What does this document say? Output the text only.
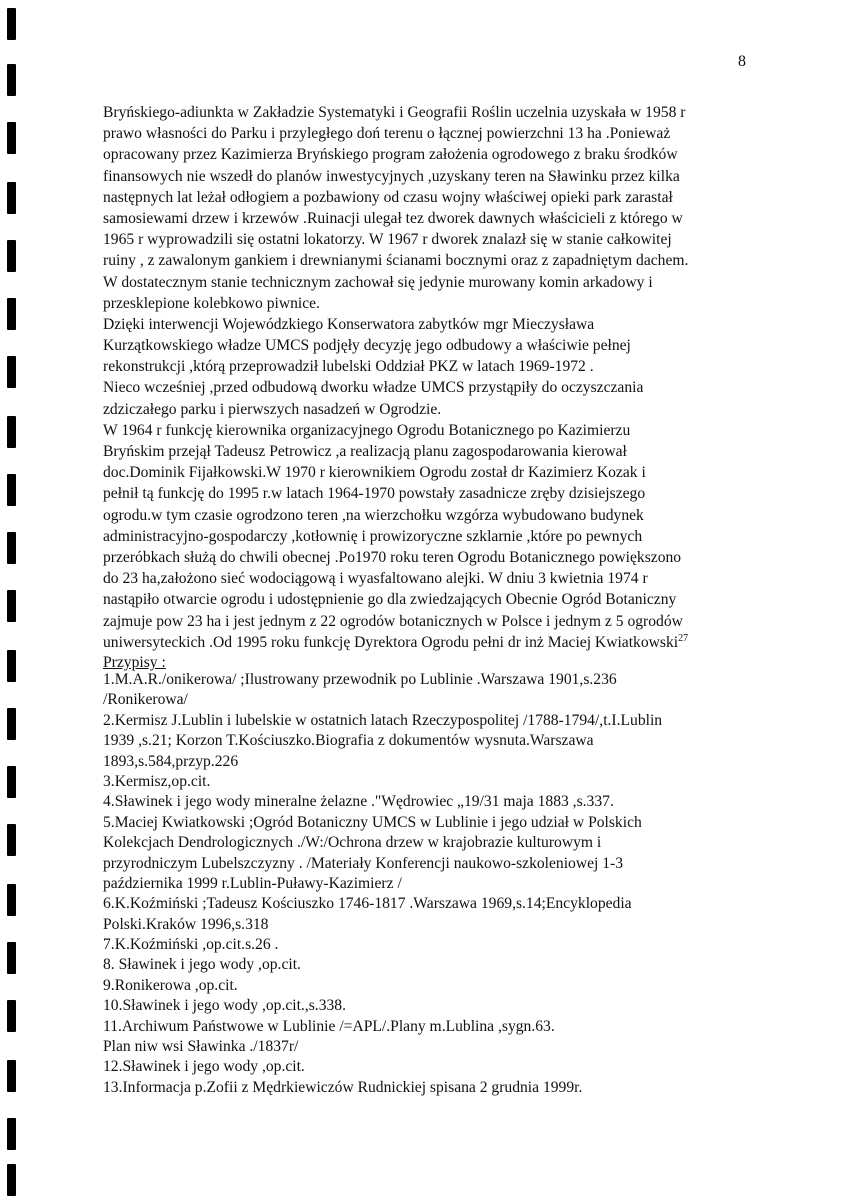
8
Bryńskiego-adiunkta w Zakładzie Systematyki i Geografii Roślin uczelnia uzyskała w 1958 r
prawo własności do Parku i przyległego doń terenu o łącznej powierzchni 13 ha .Ponieważ
opracowany przez Kazimierza Bryńskiego program założenia ogrodowego z braku środków
finansowych nie wszedł do planów inwestycyjnych ,uzyskany teren na Sławinku przez kilka
następnych lat leżał odłogiem a pozbawiony od czasu wojny właściwej opieki park zarastał
samosiewami drzew i krzewów .Ruinacji ulegał tez dworek dawnych właścicieli z którego w
1965 r wyprowadzili się ostatni lokatorzy. W 1967 r dworek znalazł się w stanie całkowitej
ruiny , z zawalonym gankiem i drewnianymi ścianami bocznymi oraz z zapadniętym dachem.
W dostatecznym stanie technicznym zachował się jedynie murowany komin arkadowy i
przesklepione kolebkowo piwnice.
Dzięki interwencji Wojewódzkiego Konserwatora zabytków mgr Mieczysława
Kurzątkowskiego władze UMCS podjęły decyzję jego odbudowy a właściwie pełnej
rekonstrukcji ,którą przeprowadził lubelski Oddział PKZ w latach 1969-1972 .
Nieco wcześniej ,przed odbudową dworku władze UMCS przystąpiły do oczyszczania
zdziczałego parku i pierwszych nasadzeń w Ogrodzie.
W 1964 r funkcję kierownika organizacyjnego Ogrodu Botanicznego po Kazimierzu
Bryńskim przejął Tadeusz Petrowicz ,a realizacją planu zagospodarowania kierował
doc.Dominik Fijałkowski.W 1970 r kierownikiem Ogrodu został dr Kazimierz Kozak i
pełnił tą funkcję do 1995 r.w latach 1964-1970 powstały zasadnicze zręby dzisiejszego
ogrodu.w tym czasie ogrodzono teren ,na wierzchołku wzgórza wybudowano budynek
administracyjno-gospodarczy ,kotłownię i prowizoryczne szklarnie ,które po pewnych
przeróbkach służą do chwili obecnej .Po1970 roku teren Ogrodu Botanicznego powiększono
do 23 ha,założono sieć wodociągową i wyasfaltowano alejki. W dniu 3 kwietnia 1974 r
nastąpiło otwarcie ogrodu i udostępnienie go dla zwiedzających Obecnie Ogród Botaniczny
zajmuje pow 23 ha i jest jednym z 22 ogrodów botanicznych w Polsce i jednym z 5 ogrodów
uniwersyteckich .Od 1995 roku funkcję Dyrektora Ogrodu pełni dr inż Maciej Kwiatkowski$^{27}$
Przypisy :
1.M.A.R./onikerowa/ ;Ilustrowany przewodnik po Lublinie .Warszawa 1901,s.236
/Ronikerowa/
2.Kermisz J.Lublin i lubelskie w ostatnich latach Rzeczypospolitej /1788-1794/,t.I.Lublin
1939 ,s.21; Korzon T.Kościuszko.Biografia z dokumentów wysnuta.Warszawa
1893,s.584,przyp.226
3.Kermisz,op.cit.
4.Sławinek i jego wody mineralne żelazne ."Wędrowiec „19/31 maja 1883 ,s.337.
5.Maciej Kwiatkowski ;Ogród Botaniczny UMCS w Lublinie i jego udział w Polskich
Kolekcjach Dendrologicznych ./W:/Ochrona drzew w krajobrazie kulturowym i
przyrodniczym Lubelszczyzny . /Materiały Konferencji naukowo-szkoleniowej 1-3
października 1999 r.Lublin-Puławy-Kazimierz /
6.K.Koźmiński ;Tadeusz Kościuszko 1746-1817 .Warszawa 1969,s.14;Encyklopedia
Polski.Kraków 1996,s.318
7.K.Koźmiński ,op.cit.s.26 .
8. Sławinek i jego wody ,op.cit.
9.Ronikerowa ,op.cit.
10.Sławinek i jego wody ,op.cit.,s.338.
11.Archiwum Państwowe w Lublinie /=APL/.Plany m.Lublina ,sygn.63.
Plan niw wsi Sławinka ./1837r/
12.Sławinek i jego wody ,op.cit.
13.Informacja p.Zofii z Mędrkiewiczów Rudnickiej spisana 2 grudnia 1999r.
